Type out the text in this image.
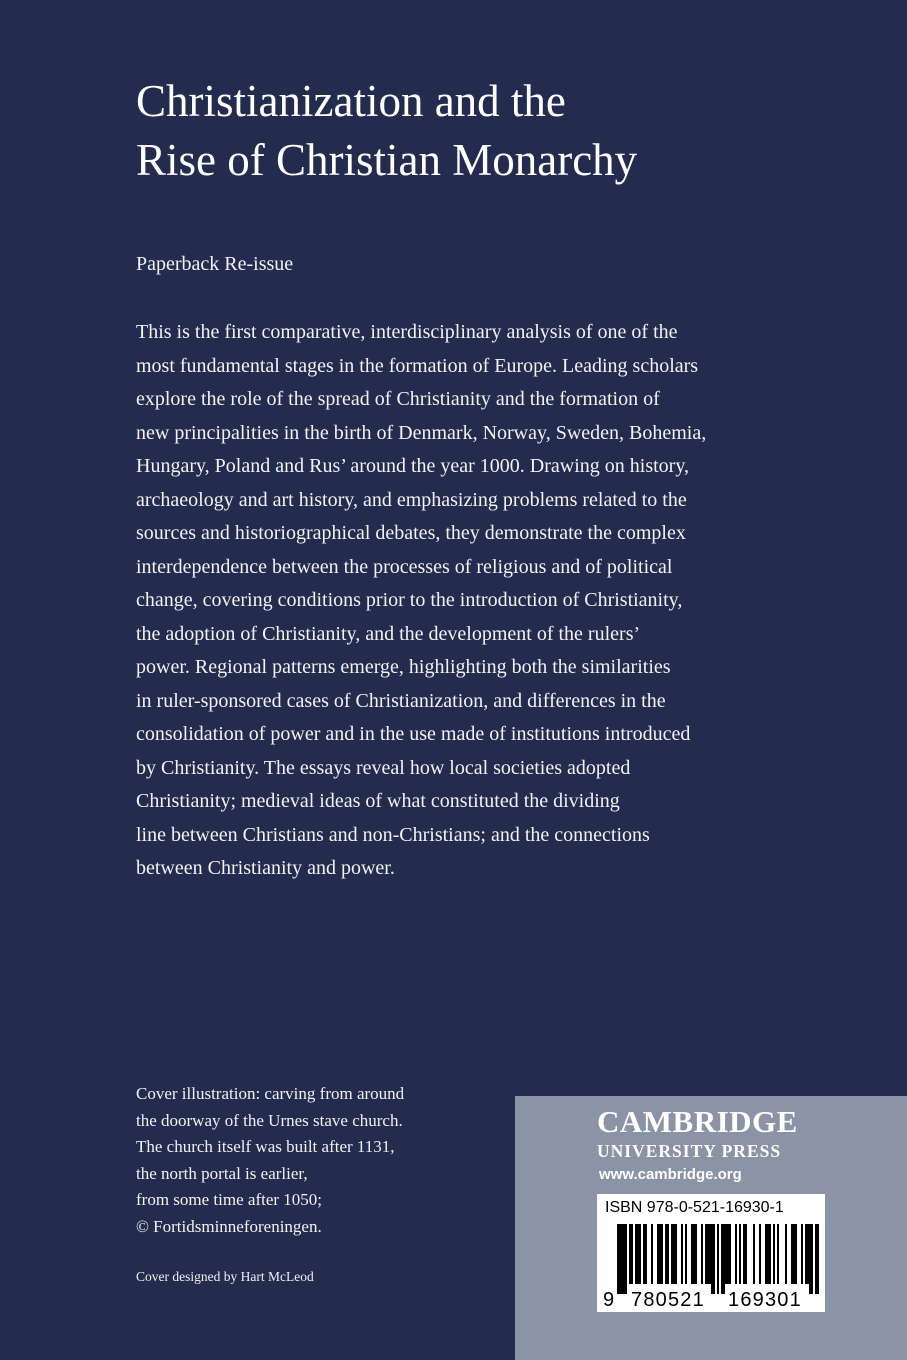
Christianization and the
Rise of Christian Monarchy
Paperback Re-issue
This is the first comparative, interdisciplinary analysis of one of the
most fundamental stages in the formation of Europe. Leading scholars
explore the role of the spread of Christianity and the formation of
new principalities in the birth of Denmark, Norway, Sweden, Bohemia,
Hungary, Poland and Rus’ around the year 1000. Drawing on history,
archaeology and art history, and emphasizing problems related to the
sources and historiographical debates, they demonstrate the complex
interdependence between the processes of religious and of political
change, covering conditions prior to the introduction of Christianity,
the adoption of Christianity, and the development of the rulers’
power. Regional patterns emerge, highlighting both the similarities
in ruler-sponsored cases of Christianization, and differences in the
consolidation of power and in the use made of institutions introduced
by Christianity. The essays reveal how local societies adopted
Christianity; medieval ideas of what constituted the dividing
line between Christians and non-Christians; and the connections
between Christianity and power.
Cover illustration: carving from around
the doorway of the Urnes stave church.
The church itself was built after 1131,
the north portal is earlier,
from some time after 1050;
© Fortidsminneforeningen.
Cover designed by Hart McLeod
CAMBRIDGE
UNIVERSITY PRESS
www.cambridge.org
ISBN 978-0-521-16930-1
9 780521 169301
